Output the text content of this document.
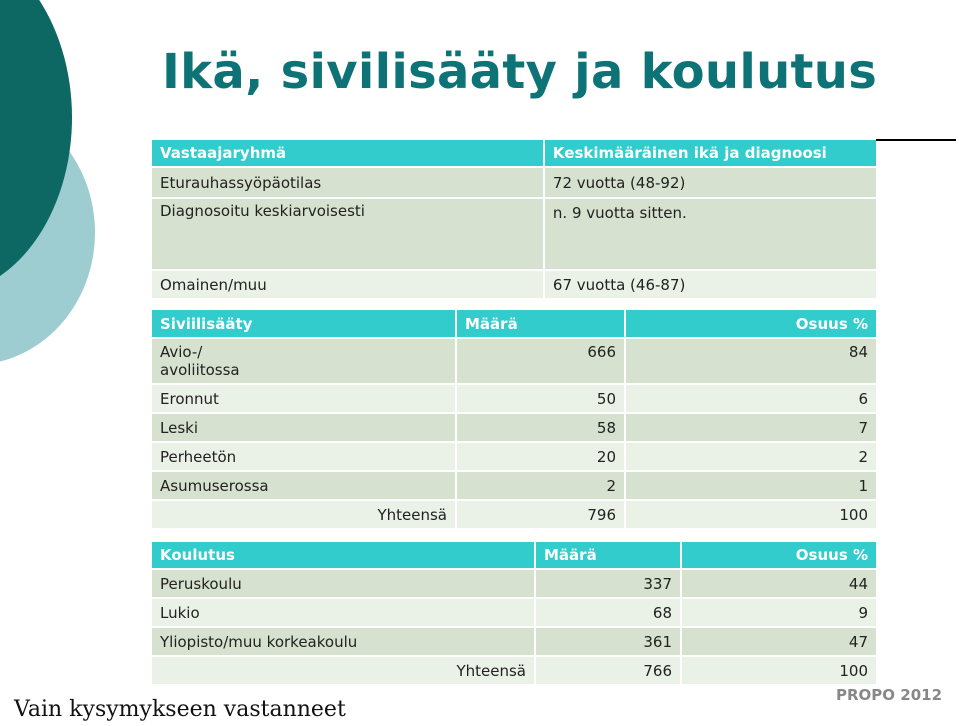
Ikä, sivilisääty ja koulutus
Vastaajaryhmä	Keskimääräinen ikä ja diagnoosi
Eturauhassyöpäotilas	72 vuotta (48-92)
Diagnosoitu keskiarvoisesti	n. 9 vuotta sitten.
Omainen/muu	67 vuotta (46-87)
Siviilisääty	Määrä	Osuus %

Avio-/ avoliitossa	666	84
Eronnut	50	6
Leski	58	7
Perheetön	20	2
Asumuserossa	2	1
Yhteensä	796	100
Koulutus	Määrä	Osuus %
Peruskoulu	337	44
Lukio	68	9
Yliopisto/muu korkeakoulu	361	47
Yhteensä	766	100
Vain kysymykseen vastanneet
PROPO 2012
